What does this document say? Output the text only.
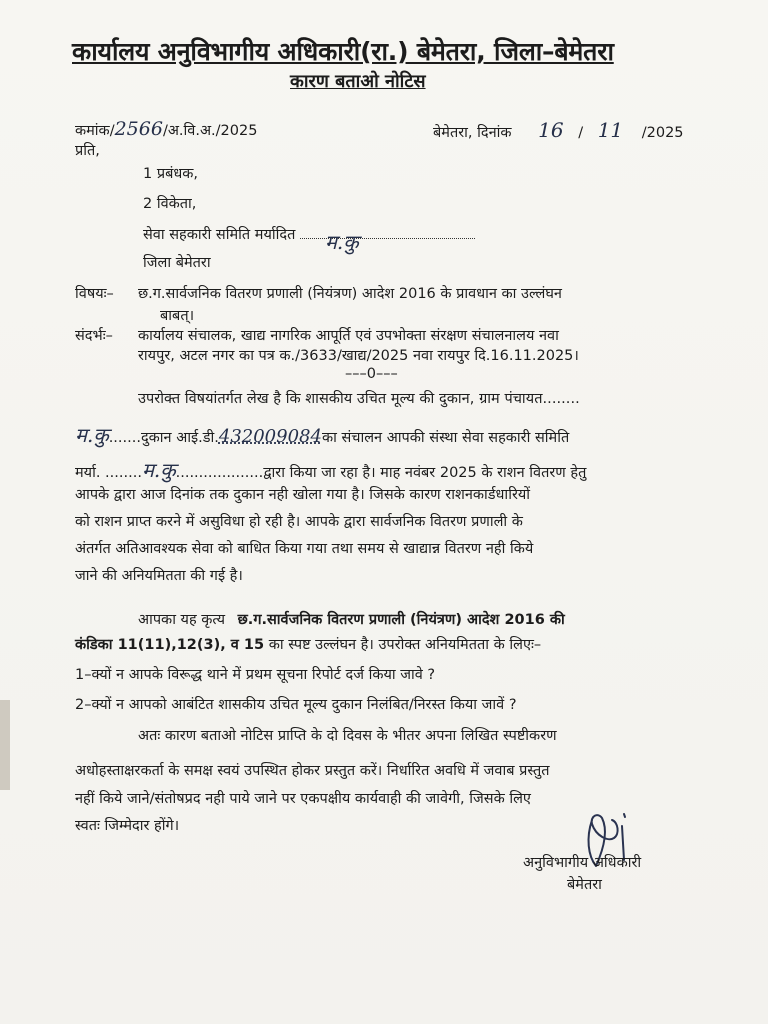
कार्यालय अनुविभागीय अधिकारी(रा.) बेमेतरा, जिला–बेमेतरा
कारण बताओ नोटिस
कमांक/2566/अ.वि.अ./2025	बेमेतरा, दिनांक 16 / 11 /2025
प्रति,
1 प्रबंधक,
2 विकेता,
सेवा सहकारी समिति मर्यादित म.कु
जिला बेमेतरा
विषयः– छ.ग.सार्वजनिक वितरण प्रणाली (नियंत्रण) आदेश 2016 के प्रावधान का उल्लंघन
बाबत्।
संदर्भः– कार्यालय संचालक, खाद्य नागरिक आपूर्ति एवं उपभोक्ता संरक्षण संचालनालय नवा
रायपुर, अटल नगर का पत्र क./3633/खाद्य/2025 नवा रायपुर दि.16.11.2025।
–––0–––
उपरोक्त विषयांतर्गत लेख है कि शासकीय उचित मूल्य की दुकान, ग्राम पंचायत........
म.कु.......दुकान आई.डी.432009084का संचालन आपकी संस्था सेवा सहकारी समिति
मर्या. ........म.कु...................द्वारा किया जा रहा है। माह नवंबर 2025 के राशन वितरण हेतु
आपके द्वारा आज दिनांक तक दुकान नही खोला गया है। जिसके कारण राशनकार्डधारियों
को राशन प्राप्त करने में असुविधा हो रही है। आपके द्वारा सार्वजनिक वितरण प्रणाली के
अंतर्गत अतिआवश्यक सेवा को बाधित किया गया तथा समय से खाद्यान्न वितरण नही किये
जाने की अनियमितता की गई है।
आपका यह कृत्य छ.ग.सार्वजनिक वितरण प्रणाली (नियंत्रण) आदेश 2016 की
कंडिका 11(11),12(3), व 15 का स्पष्ट उल्लंघन है। उपरोक्त अनियमितता के लिएः–
1–क्यों न आपके विरूद्ध थाने में प्रथम सूचना रिपोर्ट दर्ज किया जावे ?
2–क्यों न आपको आबंटित शासकीय उचित मूल्य दुकान निलंबित/निरस्त किया जावें ?
अतः कारण बताओ नोटिस प्राप्ति के दो दिवस के भीतर अपना लिखित स्पष्टीकरण
अधोहस्ताक्षरकर्ता के समक्ष स्वयं उपस्थित होकर प्रस्तुत करें। निर्धारित अवधि में जवाब प्रस्तुत
नहीं किये जाने/संतोषप्रद नही पाये जाने पर एकपक्षीय कार्यवाही की जावेगी, जिसके लिए
स्वतः जिम्मेदार होंगे।
अनुविभागीय अधिकारी
बेमेतरा
